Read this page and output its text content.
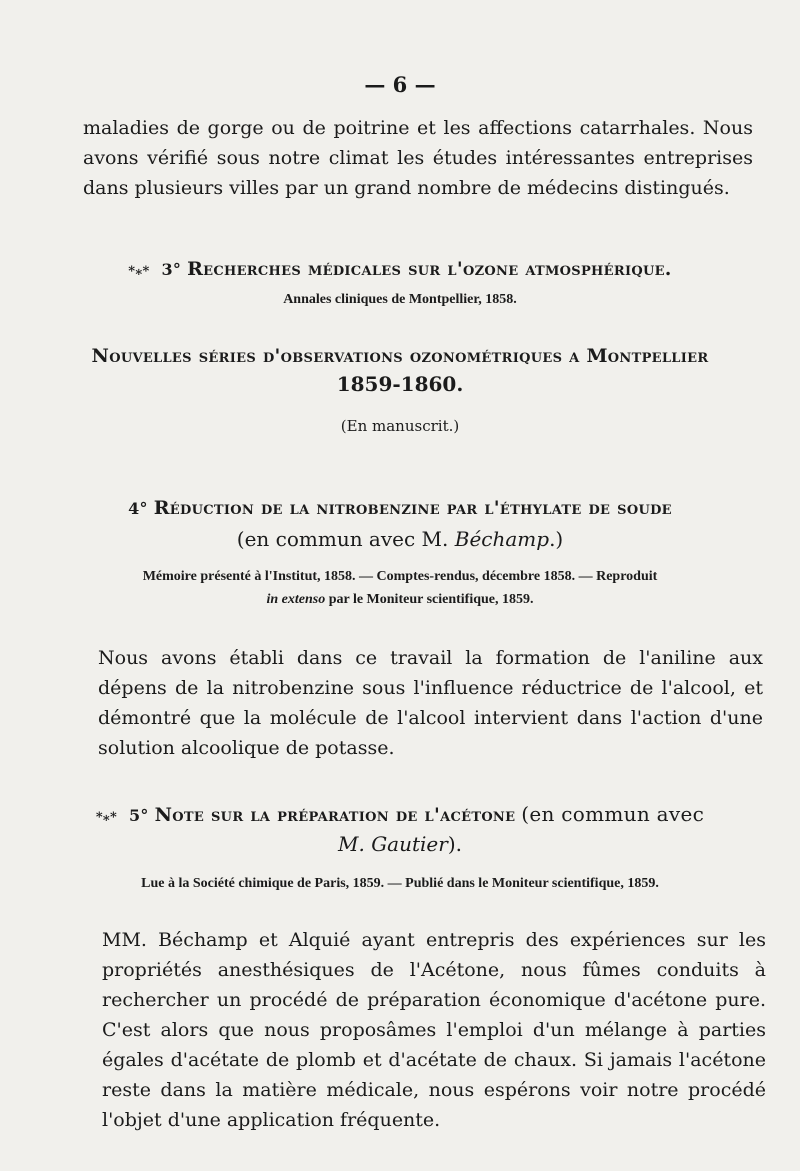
— 6 —
maladies de gorge ou de poitrine et les affections catarrhales. Nous avons vérifié sous notre climat les études intéressantes entreprises dans plusieurs villes par un grand nombre de médecins distingués.
*⁎* 3° Recherches médicales sur l'ozone atmosphérique.
Annales cliniques de Montpellier, 1858.
Nouvelles séries d'observations ozonométriques a Montpellier
1859-1860.
(En manuscrit.)
4° Réduction de la nitrobenzine par l'éthylate de soude
(en commun avec M. Béchamp.)
Mémoire présenté à l'Institut, 1858. — Comptes-rendus, décembre 1858. — Reproduit
in extenso par le Moniteur scientifique, 1859.
Nous avons établi dans ce travail la formation de l'aniline aux dépens de la nitrobenzine sous l'influence réductrice de l'alcool, et démontré que la molécule de l'alcool intervient dans l'action d'une solution alcoolique de potasse.
*⁎* 5° Note sur la préparation de l'acétone (en commun avec
M. Gautier).
Lue à la Société chimique de Paris, 1859. — Publié dans le Moniteur scientifique, 1859.
MM. Béchamp et Alquié ayant entrepris des expériences sur les propriétés anesthésiques de l'Acétone, nous fûmes conduits à rechercher un procédé de préparation économique d'acétone pure. C'est alors que nous proposâmes l'emploi d'un mélange à parties égales d'acétate de plomb et d'acétate de chaux. Si jamais l'acétone reste dans la matière médicale, nous espérons voir notre procédé l'objet d'une application fréquente.
